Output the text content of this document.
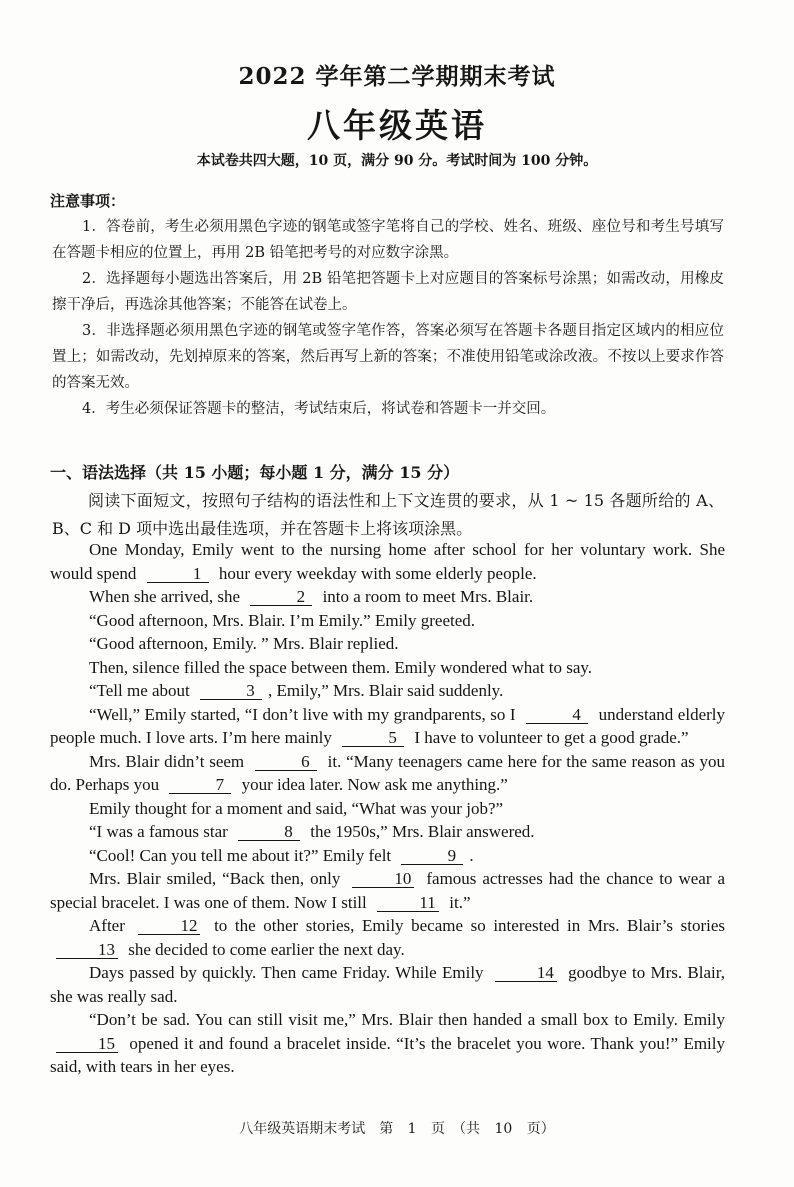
2022 学年第二学期期末考试
八年级英语
本试卷共四大题，10 页，满分 90 分。考试时间为 100 分钟。
注意事项：

1．答卷前，考生必须用黑色字迹的钢笔或签字笔将自己的学校、姓名、班级、座位号和考生号填写在答题卡相应的位置上，再用 2B 铅笔把考号的对应数字涂黑。

2．选择题每小题选出答案后，用 2B 铅笔把答题卡上对应题目的答案标号涂黑；如需改动，用橡皮擦干净后，再选涂其他答案；不能答在试卷上。

3．非选择题必须用黑色字迹的钢笔或签字笔作答，答案必须写在答题卡各题目指定区域内的相应位置上；如需改动，先划掉原来的答案，然后再写上新的答案；不准使用铅笔或涂改液。不按以上要求作答的答案无效。

4．考生必须保证答题卡的整洁，考试结束后，将试卷和答题卡一并交回。

一、语法选择（共 15 小题；每小题 1 分，满分 15 分）
阅读下面短文，按照句子结构的语法性和上下文连贯的要求，从 1 ~ 15 各题所给的 A、B、C 和 D 项中选出最佳选项，并在答题卡上将该项涂黑。

One Monday, Emily went to the nursing home after school for her voluntary work. She would spend	1 hour every weekday with some elderly people.

When she arrived, she	2 into a room to meet Mrs. Blair.

“Good afternoon, Mrs. Blair. I’m Emily.” Emily greeted.

“Good afternoon, Emily. ” Mrs. Blair replied.

Then, silence filled the space between them. Emily wondered what to say.

“Tell me about	3 , Emily,” Mrs. Blair said suddenly.

“Well,” Emily started, “I don’t live with my grandparents, so I	4 understand elderly people much. I love arts. I’m here mainly	5 I have to volunteer to get a good grade.”

Mrs. Blair didn’t seem	6 it. “Many teenagers came here for the same reason as you do. Perhaps you	7 your idea later. Now ask me anything.”

Emily thought for a moment and said, “What was your job?”

“I was a famous star	8 the 1950s,” Mrs. Blair answered.

“Cool! Can you tell me about it?” Emily felt	9 .

Mrs. Blair smiled, “Back then, only	10 famous actresses had the chance to wear a special bracelet. I was one of them. Now I still	11 it.”

After	12 to the other stories, Emily became so interested in Mrs. Blair’s stories 13 she decided to come earlier the next day.

Days passed by quickly. Then came Friday. While Emily	14 goodbye to Mrs. Blair, she was really sad.

“Don’t be sad. You can still visit me,” Mrs. Blair then handed a small box to Emily. Emily 15 opened it and found a bracelet inside. “It’s the bracelet you wore. Thank you!” Emily said, with tears in her eyes.

八年级英语期末考试　第 1 页　（共 10 页）
